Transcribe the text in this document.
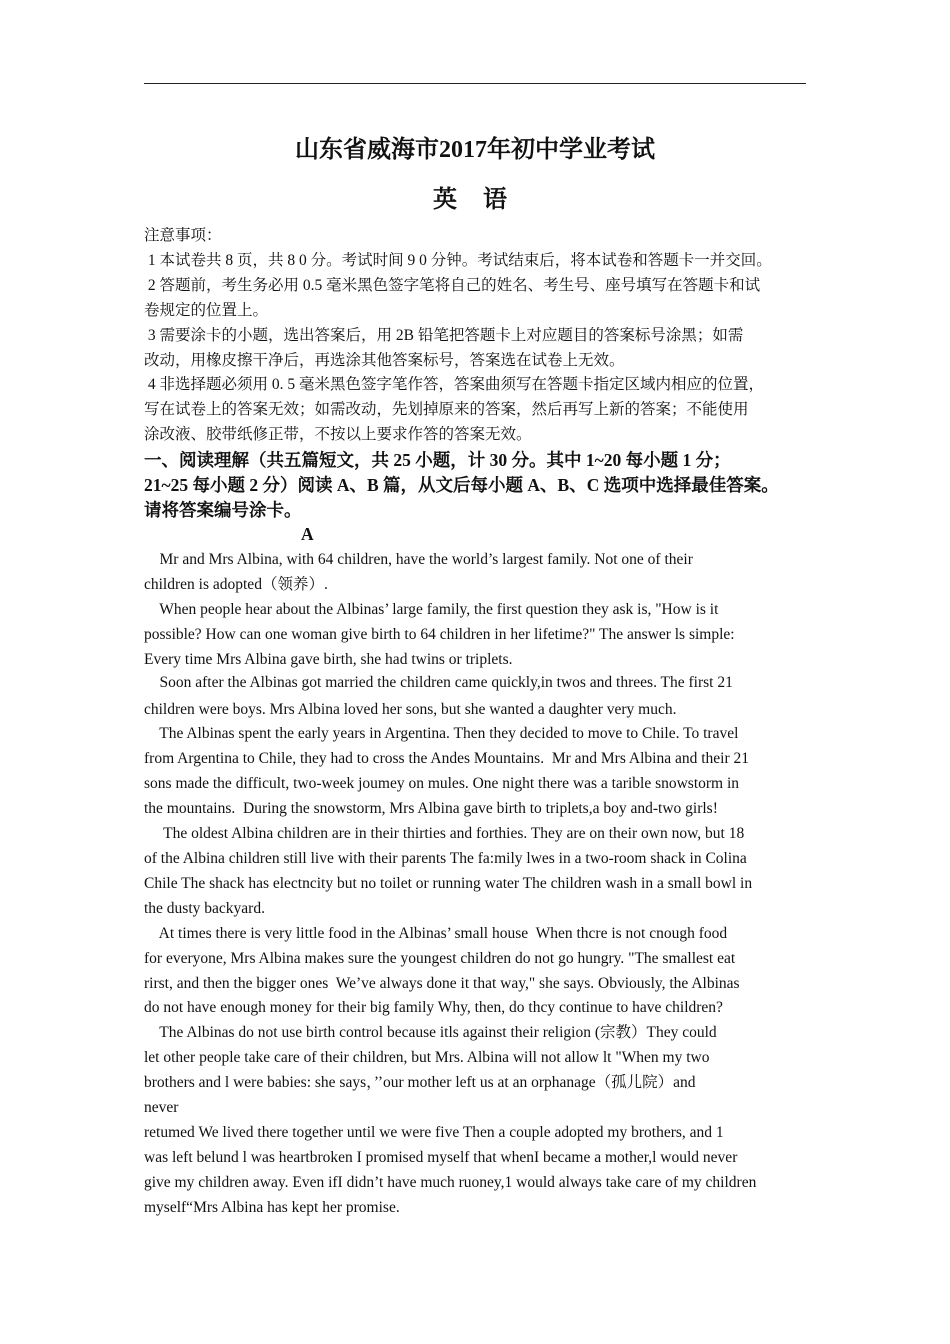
山东省威海市2017年初中学业考试
英 语
注意事项：
1 本试卷共 8 页，共 8 0 分。考试时间 9 0 分钟。考试结束后，将本试卷和答题卡一并交回。
2 答题前，考生务必用 0.5 毫米黑色签字笔将自己的姓名、考生号、座号填写在答题卡和试
卷规定的位置上。
3 需要涂卡的小题，选出答案后，用 2B 铅笔把答题卡上对应题目的答案标号涂黑；如需
改动，用橡皮擦干净后，再选涂其他答案标号，答案选在试卷上无效。
4 非选择题必须用 0. 5 毫米黑色签字笔作答，答案曲须写在答题卡指定区域内相应的位置，
写在试卷上的答案无效；如需改动，先划掉原来的答案，然后再写上新的答案；不能使用
涂改液、胶带纸修正带，不按以上要求作答的答案无效。
一、阅读理解（共五篇短文，共 25 小题，计 30 分。其中 1~20 每小题 1 分；
21~25 每小题 2 分）阅读 A、B 篇，从文后每小题 A、B、C 选项中选择最佳答案。
请将答案编号涂卡。
A
Mr and Mrs Albina, with 64 children, have the world’s largest family. Not one of their
children is adopted（领养）.
When people hear about the Albinas’ large family, the first question they ask is, "How is it
possible? How can one woman give birth to 64 children in her lifetime?" The answer ls simple:
Every time Mrs Albina gave birth, she had twins or triplets.
Soon after the Albinas got married the children came quickly,in twos and threes. The first 21
children were boys. Mrs Albina loved her sons, but she wanted a daughter very much.
The Albinas spent the early years in Argentina. Then they decided to move to Chile. To travel
from Argentina to Chile, they had to cross the Andes Mountains.  Mr and Mrs Albina and their 21
sons made the difficult, two-week joumey on mules. One night there was a tarible snowstorm in
the mountains.  During the snowstorm, Mrs Albina gave birth to triplets,a boy and-two girls!
The oldest Albina children are in their thirties and forthies. They are on their own now, but 18
of the Albina children still live with their parents The fa:mily lwes in a two-room shack in Colina
Chile The shack has electncity but no toilet or running water The children wash in a small bowl in
the dusty backyard.
At times there is very little food in the Albinas’ small house  When thcre is not cnough food
for everyone, Mrs Albina makes sure the youngest children do not go hungry. "The smallest eat
rirst, and then the bigger ones  We’ve always done it that way," she says. Obviously, the Albinas
do not have enough money for their big family Why, then, do thcy continue to have children?
The Albinas do not use birth control because itls against their religion (宗教）They could
let other people take care of their children, but Mrs. Albina will not allow lt "When my two
brothers and l were babies: she says，’’our mother left us at an orphanage（孤儿院）and
never
retumed We lived there together until we were five Then a couple adopted my brothers, and 1
was left belund l was heartbroken I promised myself that whenI became a mother,l would never
give my children away. Even ifI didn’t have much ruoney,1 would always take care of my children
myself“Mrs Albina has kept her promise.
